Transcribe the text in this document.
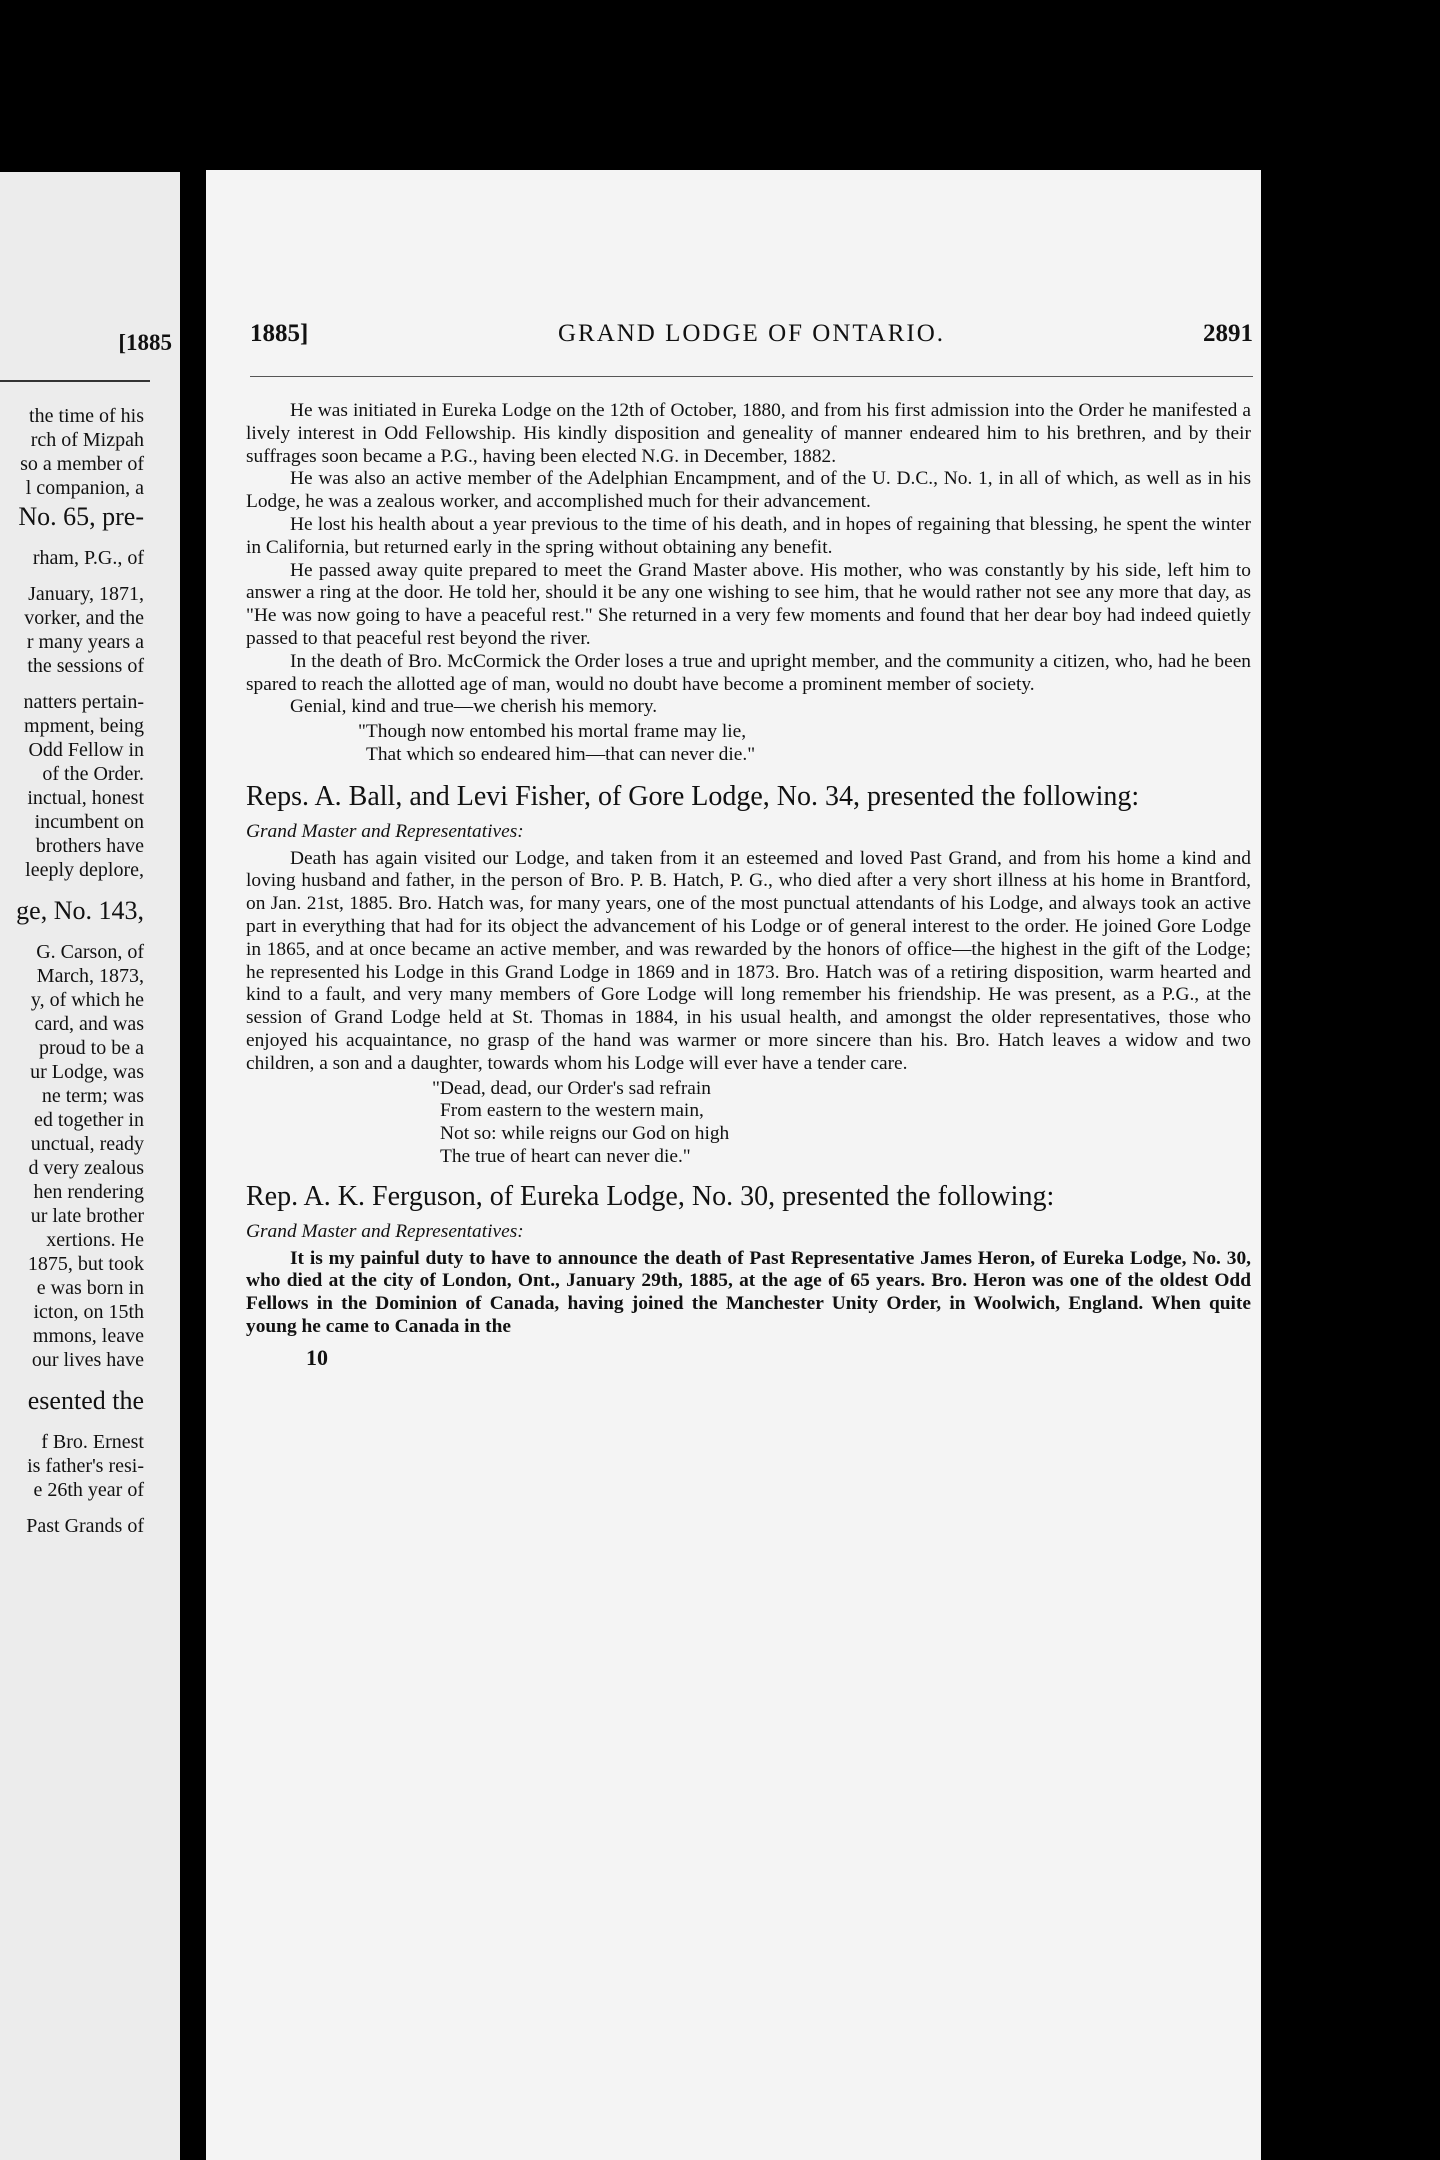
[1885
the time of his
rch of Mizpah
so a member of
l companion, a
No. 65, pre-
rham, P.G., of
January, 1871,
vorker, and the
r many years a
the sessions of
natters pertain-
mpment, being
Odd Fellow in
of the Order.
inctual, honest
incumbent on
brothers have
leeply deplore,
ge, No. 143,
G. Carson, of
March, 1873,
y, of which he
card, and was
proud to be a
ur Lodge, was
ne term; was
ed together in
unctual, ready
d very zealous
hen rendering
ur late brother
xertions. He
1875, but took
e was born in
icton, on 15th
mmons, leave
our lives have
esented the
f Bro. Ernest
is father's resi-
e 26th year of
Past Grands of
1885]	GRAND LODGE OF ONTARIO.	2891

He was initiated in Eureka Lodge on the 12th of October, 1880, and from his first admission into the Order he manifested a lively interest in Odd Fellowship. His kindly disposition and geneality of manner endeared him to his brethren, and by their suffrages soon became a P.G., having been elected N.G. in December, 1882.

He was also an active member of the Adelphian Encampment, and of the U. D.C., No. 1, in all of which, as well as in his Lodge, he was a zealous worker, and accomplished much for their advancement.

He lost his health about a year previous to the time of his death, and in hopes of regaining that blessing, he spent the winter in California, but returned early in the spring without obtaining any benefit.

He passed away quite prepared to meet the Grand Master above. His mother, who was constantly by his side, left him to answer a ring at the door. He told her, should it be any one wishing to see him, that he would rather not see any more that day, as "He was now going to have a peaceful rest." She returned in a very few moments and found that her dear boy had indeed quietly passed to that peaceful rest beyond the river.

In the death of Bro. McCormick the Order loses a true and upright member, and the community a citizen, who, had he been spared to reach the allotted age of man, would no doubt have become a prominent member of society.

Genial, kind and true—we cherish his memory.

"Though now entombed his mortal frame may lie,
That which so endeared him—that can never die."
Reps. A. Ball, and Levi Fisher, of Gore Lodge, No. 34, presented the following:
Grand Master and Representatives:

Death has again visited our Lodge, and taken from it an esteemed and loved Past Grand, and from his home a kind and loving husband and father, in the person of Bro. P. B. Hatch, P. G., who died after a very short illness at his home in Brantford, on Jan. 21st, 1885. Bro. Hatch was, for many years, one of the most punctual attendants of his Lodge, and always took an active part in everything that had for its object the advancement of his Lodge or of general interest to the order. He joined Gore Lodge in 1865, and at once became an active member, and was rewarded by the honors of office—the highest in the gift of the Lodge; he represented his Lodge in this Grand Lodge in 1869 and in 1873. Bro. Hatch was of a retiring disposition, warm hearted and kind to a fault, and very many members of Gore Lodge will long remember his friendship. He was present, as a P.G., at the session of Grand Lodge held at St. Thomas in 1884, in his usual health, and amongst the older representatives, those who enjoyed his acquaintance, no grasp of the hand was warmer or more sincere than his. Bro. Hatch leaves a widow and two children, a son and a daughter, towards whom his Lodge will ever have a tender care.

"Dead, dead, our Order's sad refrain
From eastern to the western main,
Not so: while reigns our God on high
The true of heart can never die."
Rep. A. K. Ferguson, of Eureka Lodge, No. 30, presented the following:
Grand Master and Representatives:

It is my painful duty to have to announce the death of Past Representative James Heron, of Eureka Lodge, No. 30, who died at the city of London, Ont., January 29th, 1885, at the age of 65 years. Bro. Heron was one of the oldest Odd Fellows in the Dominion of Canada, having joined the Manchester Unity Order, in Woolwich, England. When quite young he came to Canada in the

10
